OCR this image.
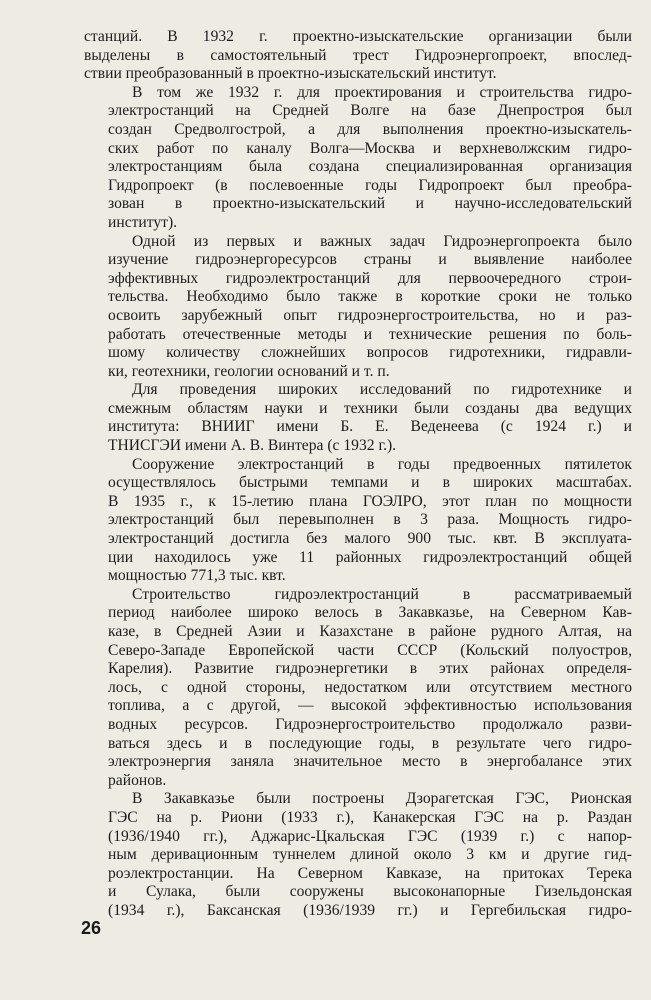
станций. В 1932 г. проектно-изыскательские организации были
выделены в самостоятельный трест Гидроэнергопроект, впослед-
ствии преобразованный в проектно-изыскательский институт.

В том же 1932 г. для проектирования и строительства гидро-
электростанций на Средней Волге на базе Днепростроя был
создан Средволгострой, а для выполнения проектно-изыскатель-
ских работ по каналу Волга—Москва и верхневолжским гидро-
электростанциям была создана специализированная организация
Гидропроект (в послевоенные годы Гидропроект был преобра-
зован в проектно-изыскательский и научно-исследовательский
институт).

Одной из первых и важных задач Гидроэнергопроекта было
изучение гидроэнергоресурсов страны и выявление наиболее
эффективных гидроэлектростанций для первоочередного строи-
тельства. Необходимо было также в короткие сроки не только
освоить зарубежный опыт гидроэнергостроительства, но и раз-
работать отечественные методы и технические решения по боль-
шому количеству сложнейших вопросов гидротехники, гидравли-
ки, геотехники, геологии оснований и т. п.

Для проведения широких исследований по гидротехнике и
смежным областям науки и техники были созданы два ведущих
института: ВНИИГ имени Б. Е. Веденеева (с 1924 г.) и
ТНИСГЭИ имени А. В. Винтера (с 1932 г.).

Сооружение электростанций в годы предвоенных пятилеток
осуществлялось быстрыми темпами и в широких масштабах.
В 1935 г., к 15-летию плана ГОЭЛРО, этот план по мощности
электростанций был перевыполнен в 3 раза. Мощность гидро-
электростанций достигла без малого 900 тыс. квт. В эксплуата-
ции находилось уже 11 районных гидроэлектростанций общей
мощностью 771,3 тыс. квт.

Строительство гидроэлектростанций в рассматриваемый
период наиболее широко велось в Закавказье, на Северном Кав-
казе, в Средней Азии и Казахстане в районе рудного Алтая, на
Северо-Западе Европейской части СССР (Кольский полуостров,
Карелия). Развитие гидроэнергетики в этих районах определя-
лось, с одной стороны, недостатком или отсутствием местного
топлива, а с другой, — высокой эффективностью использования
водных ресурсов. Гидроэнергостроительство продолжало разви-
ваться здесь и в последующие годы, в результате чего гидро-
электроэнергия заняла значительное место в энергобалансе этих
районов.

В Закавказье были построены Дзорагетская ГЭС, Рионская
ГЭС на р. Риони (1933 г.), Канакерская ГЭС на р. Раздан
(1936/1940 гг.), Аджарис-Цкальская ГЭС (1939 г.) с напор-
ным деривационным туннелем длиной около 3 км и другие гид-
роэлектростанции. На Северном Кавказе, на притоках Терека
и Сулака, были сооружены высоконапорные Гизельдонская
(1934 г.), Баксанская (1936/1939 гг.) и Гергебильская гидро-

26
